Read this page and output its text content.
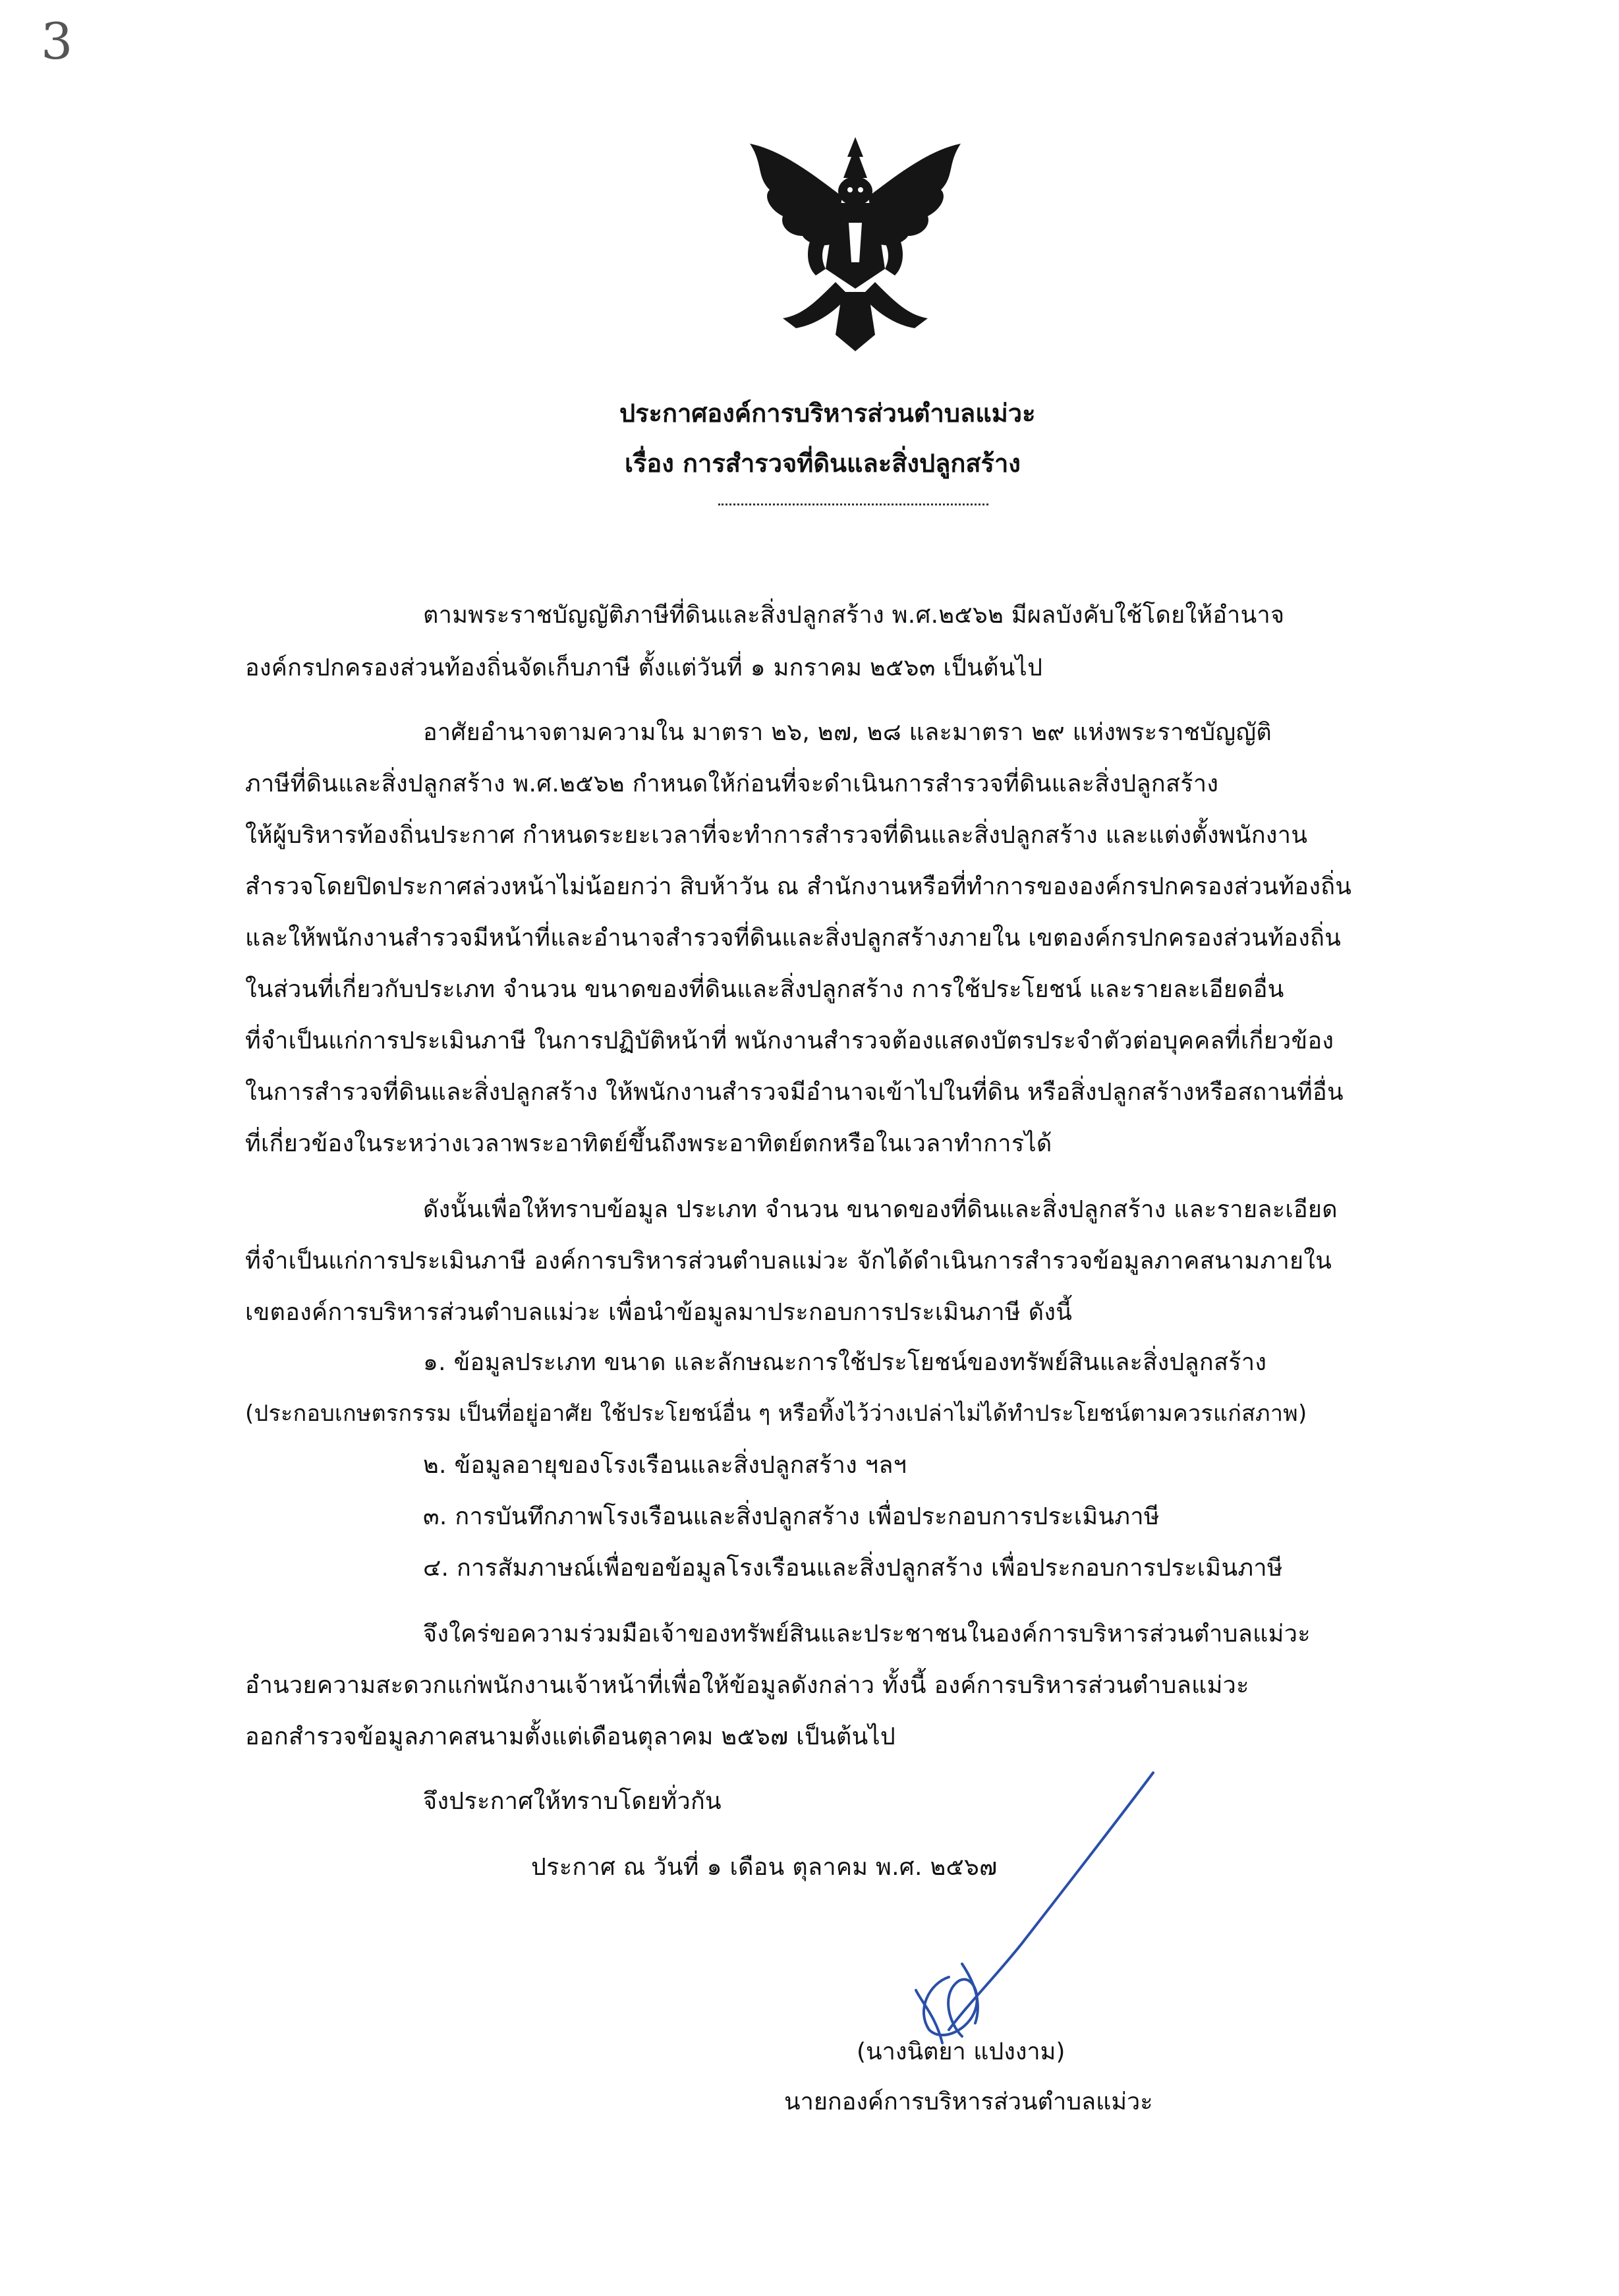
3
ประกาศองค์การบริหารส่วนตำบลแม่วะ
เรื่อง การสำรวจที่ดินและสิ่งปลูกสร้าง
ตามพระราชบัญญัติภาษีที่ดินและสิ่งปลูกสร้าง พ.ศ.๒๕๖๒ มีผลบังคับใช้โดยให้อำนาจ
องค์กรปกครองส่วนท้องถิ่นจัดเก็บภาษี ตั้งแต่วันที่ ๑ มกราคม ๒๕๖๓ เป็นต้นไป
อาศัยอำนาจตามความใน มาตรา ๒๖, ๒๗, ๒๘ และมาตรา ๒๙ แห่งพระราชบัญญัติ
ภาษีที่ดินและสิ่งปลูกสร้าง พ.ศ.๒๕๖๒ กำหนดให้ก่อนที่จะดำเนินการสำรวจที่ดินและสิ่งปลูกสร้าง
ให้ผู้บริหารท้องถิ่นประกาศ กำหนดระยะเวลาที่จะทำการสำรวจที่ดินและสิ่งปลูกสร้าง และแต่งตั้งพนักงาน
สำรวจโดยปิดประกาศล่วงหน้าไม่น้อยกว่า สิบห้าวัน ณ สำนักงานหรือที่ทำการขององค์กรปกครองส่วนท้องถิ่น
และให้พนักงานสำรวจมีหน้าที่และอำนาจสำรวจที่ดินและสิ่งปลูกสร้างภายใน เขตองค์กรปกครองส่วนท้องถิ่น
ในส่วนที่เกี่ยวกับประเภท จำนวน ขนาดของที่ดินและสิ่งปลูกสร้าง การใช้ประโยชน์ และรายละเอียดอื่น
ที่จำเป็นแก่การประเมินภาษี ในการปฏิบัติหน้าที่ พนักงานสำรวจต้องแสดงบัตรประจำตัวต่อบุคคลที่เกี่ยวข้อง
ในการสำรวจที่ดินและสิ่งปลูกสร้าง ให้พนักงานสำรวจมีอำนาจเข้าไปในที่ดิน หรือสิ่งปลูกสร้างหรือสถานที่อื่น
ที่เกี่ยวข้องในระหว่างเวลาพระอาทิตย์ขึ้นถึงพระอาทิตย์ตกหรือในเวลาทำการได้
ดังนั้นเพื่อให้ทราบข้อมูล ประเภท จำนวน ขนาดของที่ดินและสิ่งปลูกสร้าง และรายละเอียด
ที่จำเป็นแก่การประเมินภาษี องค์การบริหารส่วนตำบลแม่วะ จักได้ดำเนินการสำรวจข้อมูลภาคสนามภายใน
เขตองค์การบริหารส่วนตำบลแม่วะ เพื่อนำข้อมูลมาประกอบการประเมินภาษี ดังนี้
๑. ข้อมูลประเภท ขนาด และลักษณะการใช้ประโยชน์ของทรัพย์สินและสิ่งปลูกสร้าง
(ประกอบเกษตรกรรม เป็นที่อยู่อาศัย ใช้ประโยชน์อื่น ๆ หรือทิ้งไว้ว่างเปล่าไม่ได้ทำประโยชน์ตามควรแก่สภาพ)
๒. ข้อมูลอายุของโรงเรือนและสิ่งปลูกสร้าง ฯลฯ
๓. การบันทึกภาพโรงเรือนและสิ่งปลูกสร้าง เพื่อประกอบการประเมินภาษี
๔. การสัมภาษณ์เพื่อขอข้อมูลโรงเรือนและสิ่งปลูกสร้าง เพื่อประกอบการประเมินภาษี
จึงใคร่ขอความร่วมมือเจ้าของทรัพย์สินและประชาชนในองค์การบริหารส่วนตำบลแม่วะ
อำนวยความสะดวกแก่พนักงานเจ้าหน้าที่เพื่อให้ข้อมูลดังกล่าว ทั้งนี้ องค์การบริหารส่วนตำบลแม่วะ
ออกสำรวจข้อมูลภาคสนามตั้งแต่เดือนตุลาคม ๒๕๖๗ เป็นต้นไป
จึงประกาศให้ทราบโดยทั่วกัน
ประกาศ ณ วันที่ ๑ เดือน ตุลาคม พ.ศ. ๒๕๖๗
(นางนิตยา แปงงาม)
นายกองค์การบริหารส่วนตำบลแม่วะ
